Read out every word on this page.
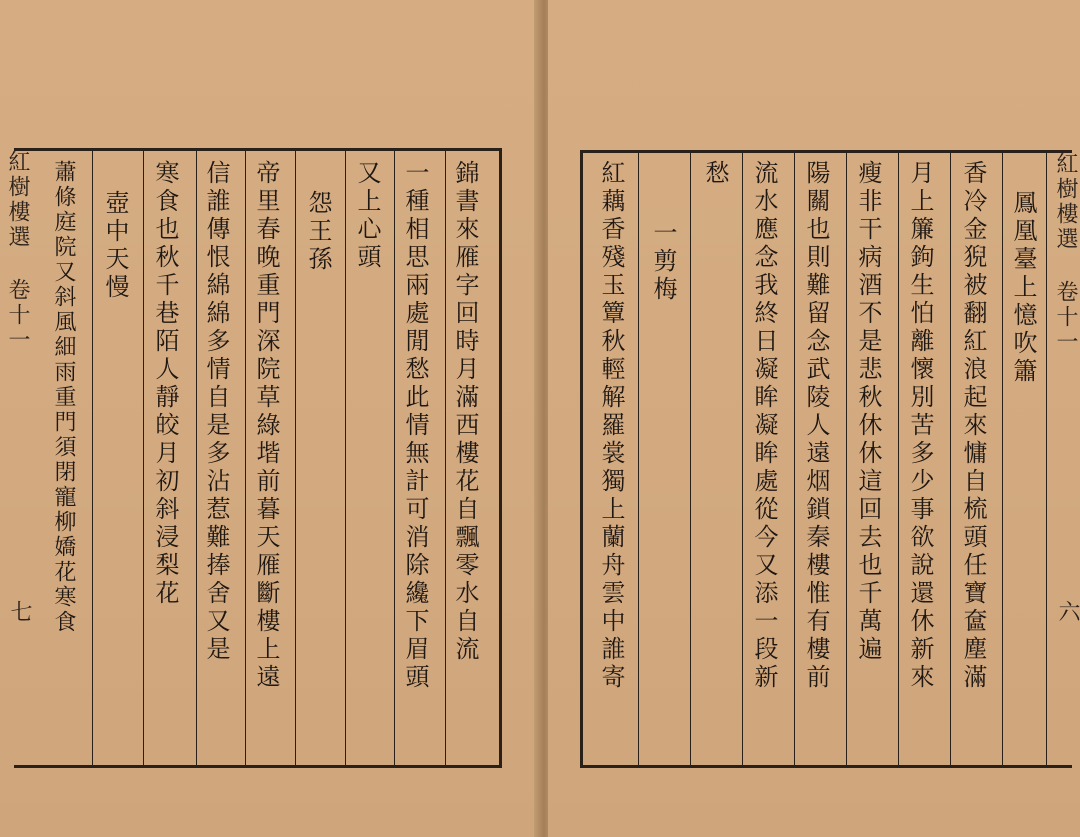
紅樹樓選 卷十一
七	錦書來雁字回時月滿西樓花自飄零水自流
一種相思兩處閒愁此情無計可消除纔下眉頭
又上心頭
怨王孫
帝里春晚重門深院草綠堦前暮天雁斷樓上遠
信誰傳恨綿綿多情自是多沾惹難捧舍又是
寒食也秋千巷陌人靜皎月初斜浸梨花
壺中天慢
蕭條庭院又斜風細雨重門須閉寵柳嬌花寒食	紅樹樓選 卷十一
六
鳳凰臺上憶吹簫
香冷金猊被翻紅浪起來慵自梳頭任寶奩塵滿
月上簾鉤生怕離懷別苦多少事欲說還休新來
瘦非干病酒不是悲秋休休這回去也千萬遍
陽關也則難留念武陵人遠烟鎖秦樓惟有樓前
流水應念我終日凝眸凝眸處從今又添一段新
愁
一剪梅
紅藕香殘玉簟秋輕解羅裳獨上蘭舟雲中誰寄
